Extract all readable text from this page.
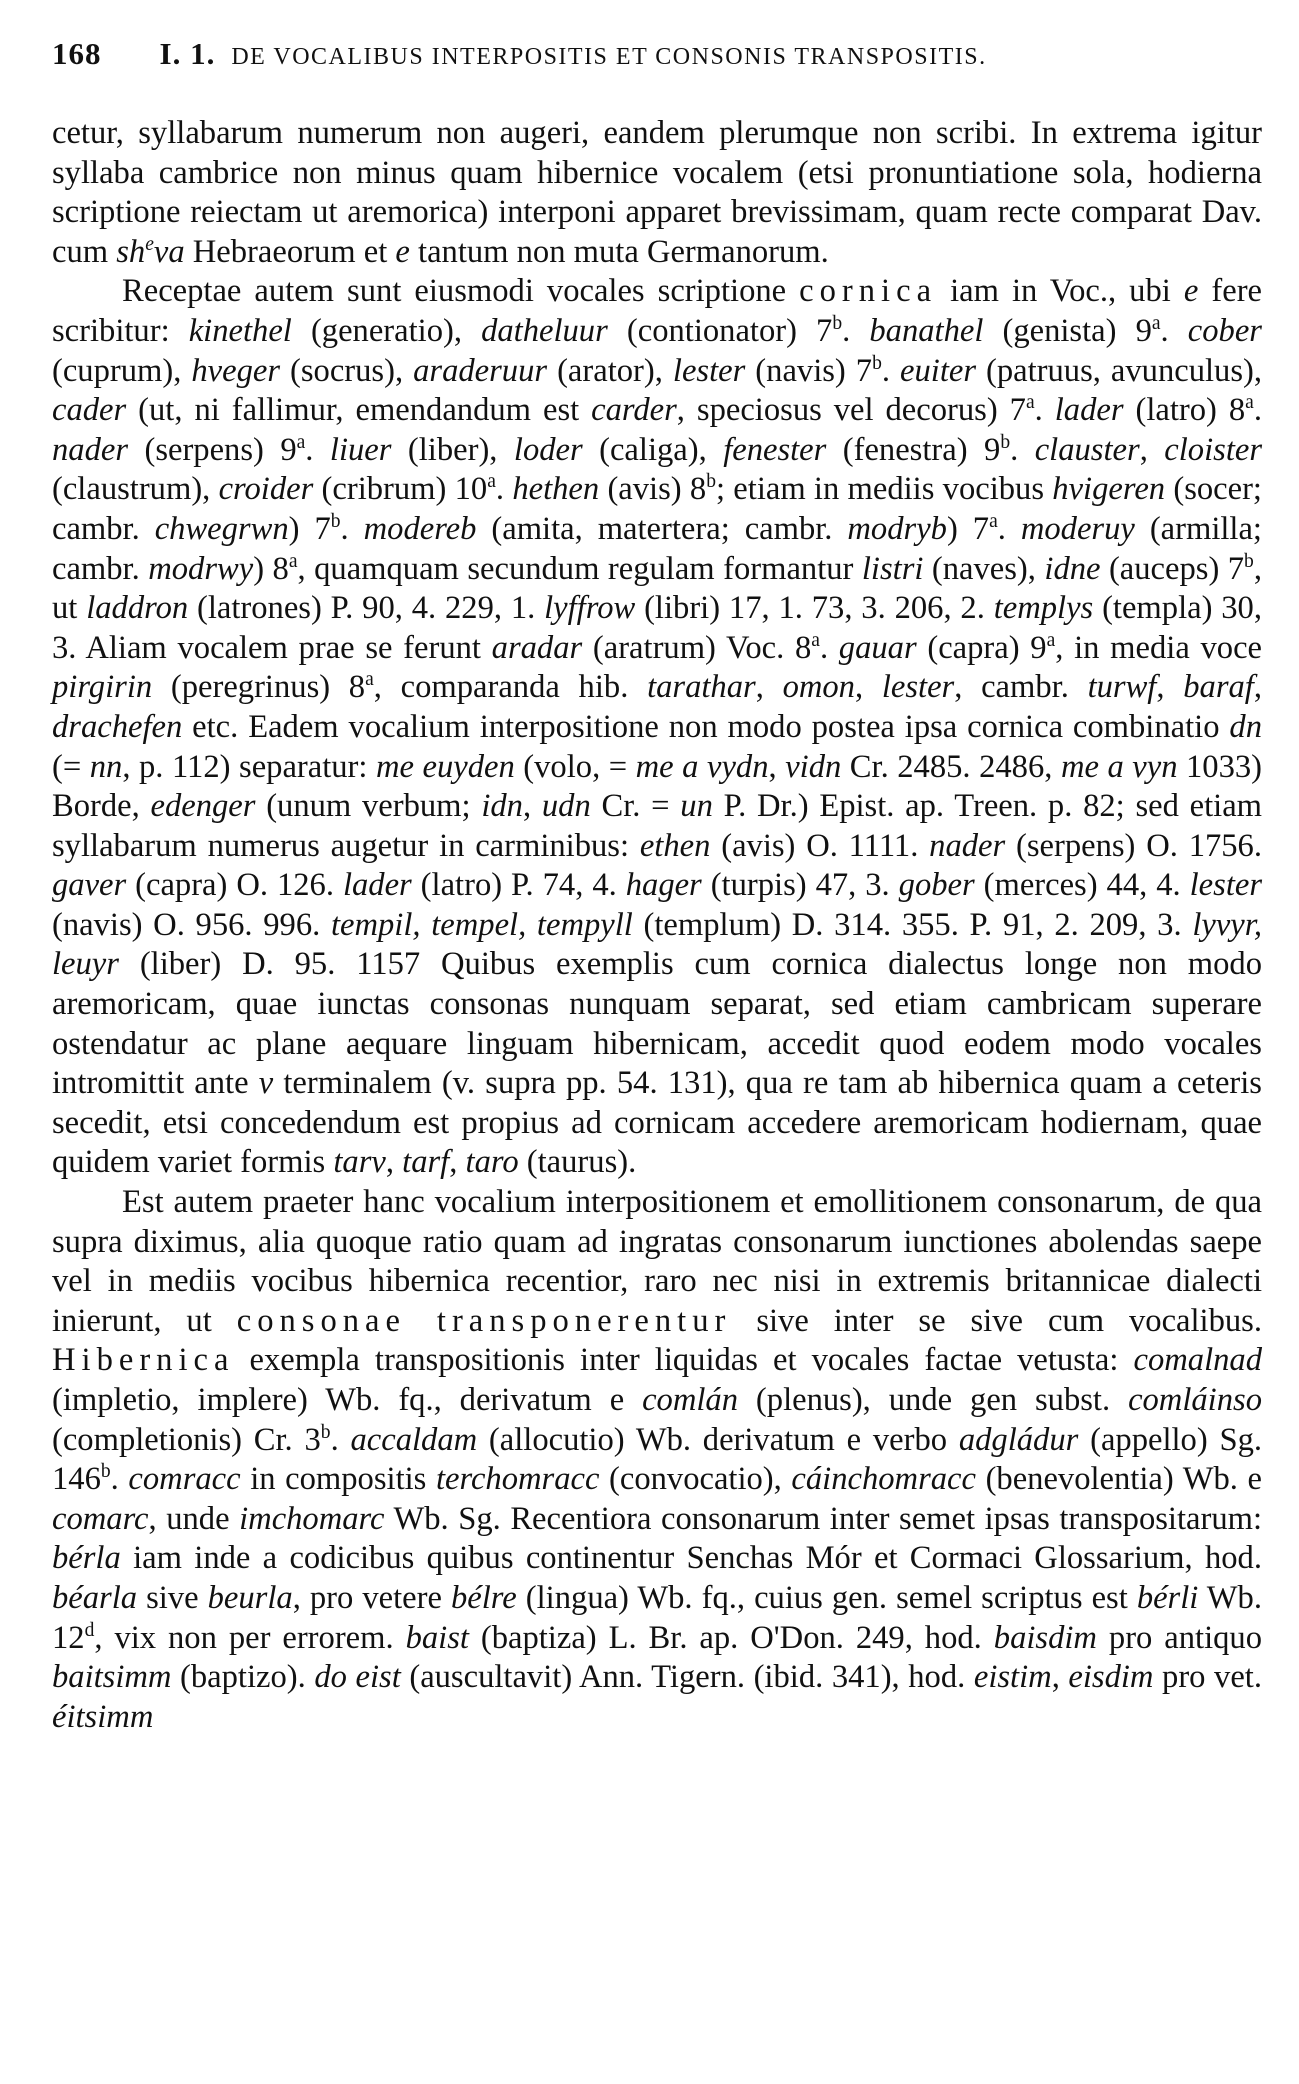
168 I. 1. DE VOCALIBUS INTERPOSITIS ET CONSONIS TRANSPOSITIS.

cetur, syllabarum numerum non augeri, eandem plerumque non scribi. In extrema igitur syllaba cambrice non minus quam hibernice vocalem (etsi pronuntiatione sola, hodierna scriptione reiectam ut aremorica) interponi apparet brevissimam, quam recte comparat Dav. cum $sh^eva$ Hebraeorum et e tantum non muta Germanorum.

Receptae autem sunt eiusmodi vocales scriptione cornica iam in Voc., ubi e fere scribitur: kinethel (generatio), datheluur (contionator) 7$^b$. banathel (genista) 9$^a$. cober (cuprum), hveger (socrus), araderuur (arator), lester (navis) 7$^b$. euiter (patruus, avunculus), cader (ut, ni fallimur, emendandum est carder, speciosus vel decorus) 7$^a$. lader (latro) 8$^a$. nader (serpens) 9$^a$. liuer (liber), loder (caliga), fenester (fenestra) 9$^b$. clauster, cloister (claustrum), croider (cribrum) 10$^a$. hethen (avis) 8$^b$; etiam in mediis vocibus hvigeren (socer; cambr. chwegrwn) 7$^b$. modereb (amita, matertera; cambr. modryb) 7$^a$. moderuy (armilla; cambr. modrwy) 8$^a$, quamquam secundum regulam formantur listri (naves), idne (auceps) 7$^b$, ut laddron (latrones) P. 90, 4. 229, 1. lyffrow (libri) 17, 1. 73, 3. 206, 2. templys (templa) 30, 3. Aliam vocalem prae se ferunt aradar (aratrum) Voc. 8$^a$. gauar (capra) 9$^a$, in media voce pirgirin (peregrinus) 8$^a$, comparanda hib. tarathar, omon, lester, cambr. turwf, baraf, drachefen etc. Eadem vocalium interpositione non modo postea ipsa cornica combinatio dn (= nn, p. 112) separatur: me euyden (volo, = me a vydn, vidn Cr. 2485. 2486, me a vyn 1033) Borde, edenger (unum verbum; idn, udn Cr. = un P. Dr.) Epist. ap. Treen. p. 82; sed etiam syllabarum numerus augetur in carminibus: ethen (avis) O. 1111. nader (serpens) O. 1756. gaver (capra) O. 126. lader (latro) P. 74, 4. hager (turpis) 47, 3. gober (merces) 44, 4. lester (navis) O. 956. 996. tempil, tempel, tempyll (templum) D. 314. 355. P. 91, 2. 209, 3. lyvyr, leuyr (liber) D. 95. 1157 Quibus exemplis cum cornica dialectus longe non modo aremoricam, quae iunctas consonas nunquam separat, sed etiam cambricam superare ostendatur ac plane aequare linguam hibernicam, accedit quod eodem modo vocales intromittit ante v terminalem (v. supra pp. 54. 131), qua re tam ab hibernica quam a ceteris secedit, etsi concedendum est propius ad cornicam accedere aremoricam hodiernam, quae quidem variet formis tarv, tarf, taro (taurus).

Est autem praeter hanc vocalium interpositionem et emollitionem consonarum, de qua supra diximus, alia quoque ratio quam ad ingratas consonarum iunctiones abolendas saepe vel in mediis vocibus hibernica recentior, raro nec nisi in extremis britannicae dialecti inierunt, ut consonae transponerentur sive inter se sive cum vocalibus. Hibernica exempla transpositionis inter liquidas et vocales factae vetusta: comalnad (impletio, implere) Wb. fq., derivatum e comlán (plenus), unde gen subst. comláinso (completionis) Cr. 3$^b$. accaldam (allocutio) Wb. derivatum e verbo adgládur (appello) Sg. 146$^b$. comracc in compositis terchomracc (convocatio), cáinchomracc (benevolentia) Wb. e comarc, unde imchomarc Wb. Sg. Recentiora consonarum inter semet ipsas transpositarum: bérla iam inde a codicibus quibus continentur Senchas Mór et Cormaci Glossarium, hod. béarla sive beurla, pro vetere bélre (lingua) Wb. fq., cuius gen. semel scriptus est bérli Wb. 12$^d$, vix non per errorem. baist (baptiza) L. Br. ap. O'Don. 249, hod. baisdim pro antiquo baitsimm (baptizo). do eist (auscultavit) Ann. Tigern. (ibid. 341), hod. eistim, eisdim pro vet. éitsimm
